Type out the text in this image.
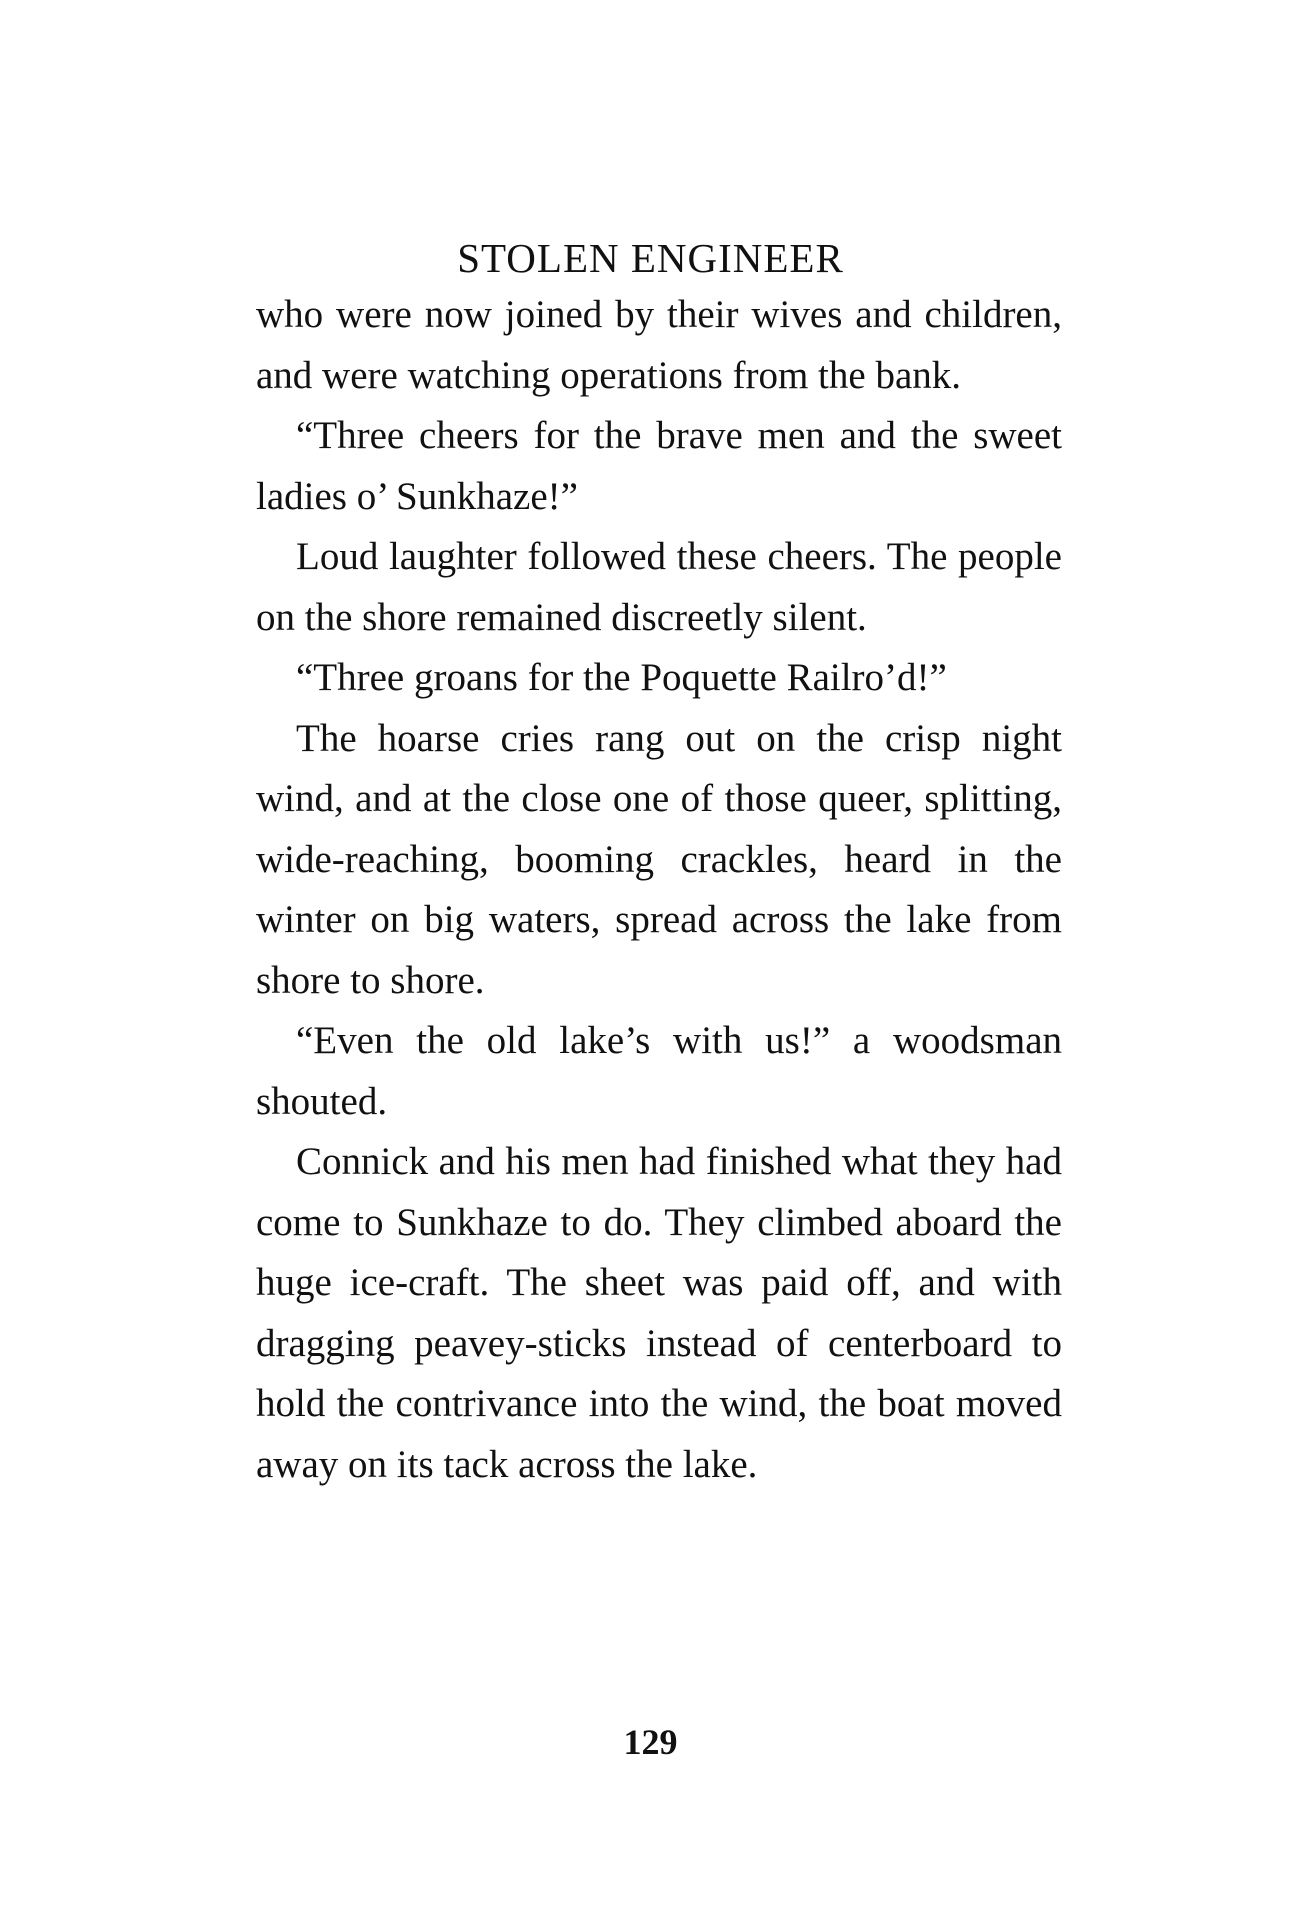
STOLEN ENGINEER

who were now joined by their wives and children, and were watching operations from the bank.

“Three cheers for the brave men and the sweet ladies o’ Sunkhaze!”

Loud laughter followed these cheers. The people on the shore remained discreetly silent.

“Three groans for the Poquette Railro’d!”

The hoarse cries rang out on the crisp night wind, and at the close one of those queer, splitting, wide-reaching, booming crackles, heard in the winter on big waters, spread across the lake from shore to shore.

“Even the old lake’s with us!” a woodsman shouted.

Connick and his men had finished what they had come to Sunkhaze to do. They climbed aboard the huge ice-craft. The sheet was paid off, and with dragging peavey-sticks instead of centerboard to hold the contrivance into the wind, the boat moved away on its tack across the lake.

129
